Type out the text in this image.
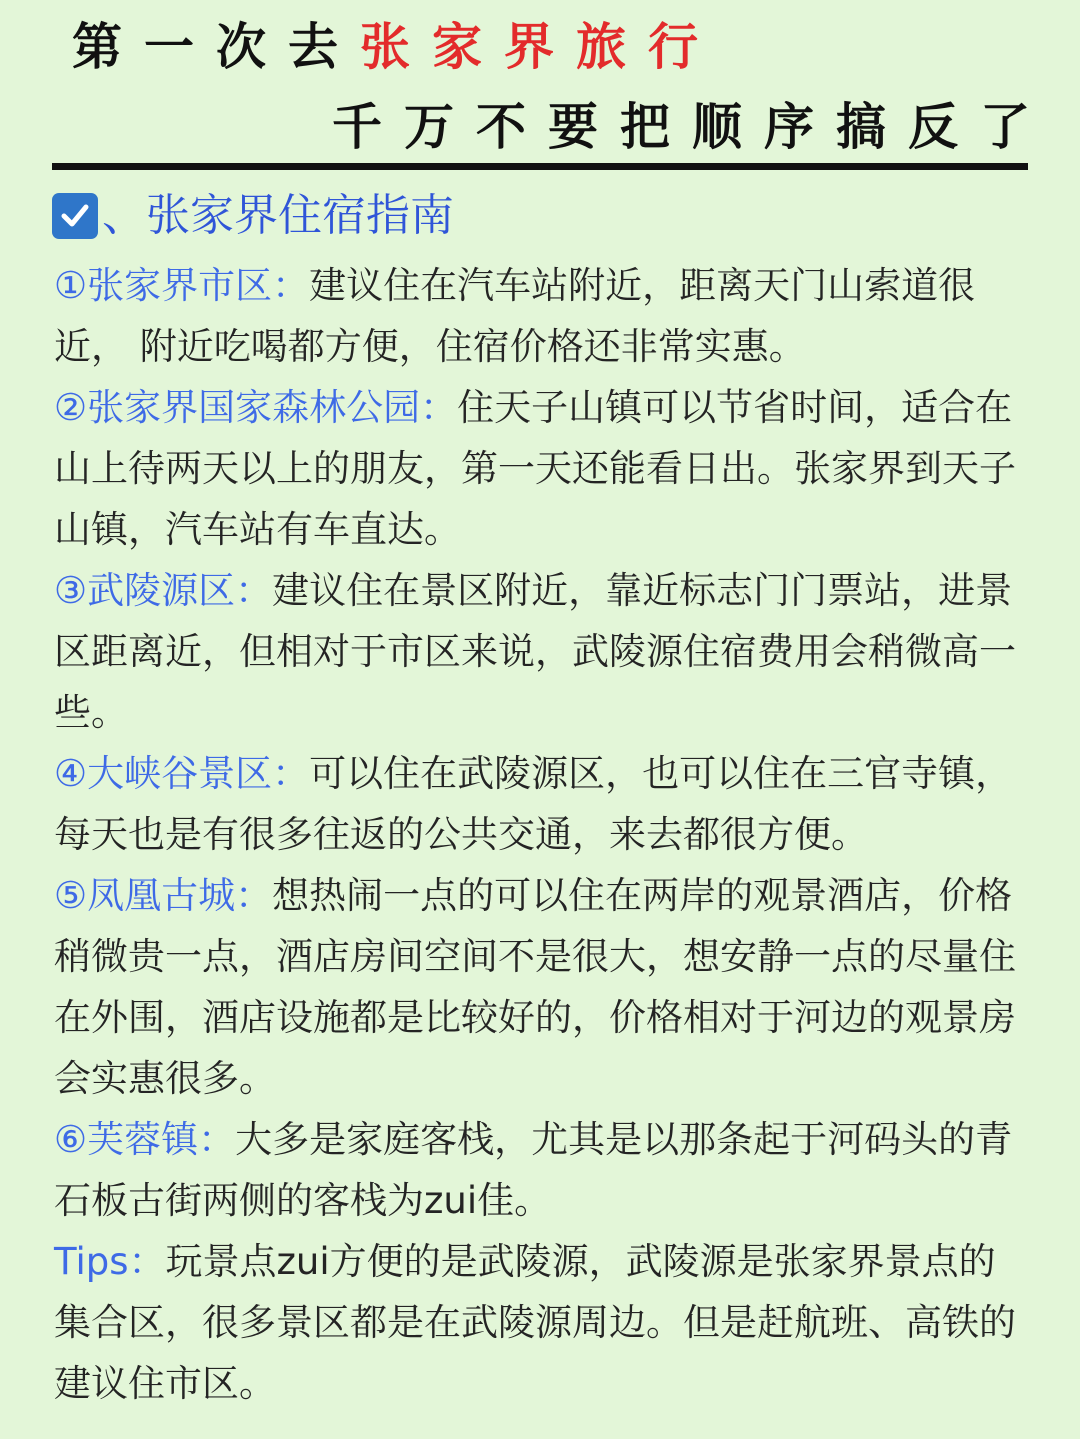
第一次去张家界旅行
千万不要把顺序搞反了
、张家界住宿指南

①张家界市区：建议住在汽车站附近，距离天门山索道很近， 附近吃喝都方便，住宿价格还非常实惠。

②张家界国家森林公园：住天子山镇可以节省时间，适合在山上待两天以上的朋友，第一天还能看日出。张家界到天子山镇，汽车站有车直达。

③武陵源区：建议住在景区附近，靠近标志门门票站，进景区距离近，但相对于市区来说，武陵源住宿费用会稍微高一些。

④大峡谷景区：可以住在武陵源区，也可以住在三官寺镇，每天也是有很多往返的公共交通，来去都很方便。

⑤凤凰古城：想热闹一点的可以住在两岸的观景酒店，价格稍微贵一点，酒店房间空间不是很大，想安静一点的尽量住在外围，酒店设施都是比较好的，价格相对于河边的观景房会实惠很多。

⑥芙蓉镇：大多是家庭客栈，尤其是以那条起于河码头的青石板古街两侧的客栈为zui佳。

Tips：玩景点zui方便的是武陵源，武陵源是张家界景点的集合区，很多景区都是在武陵源周边。但是赶航班、高铁的建议住市区。
